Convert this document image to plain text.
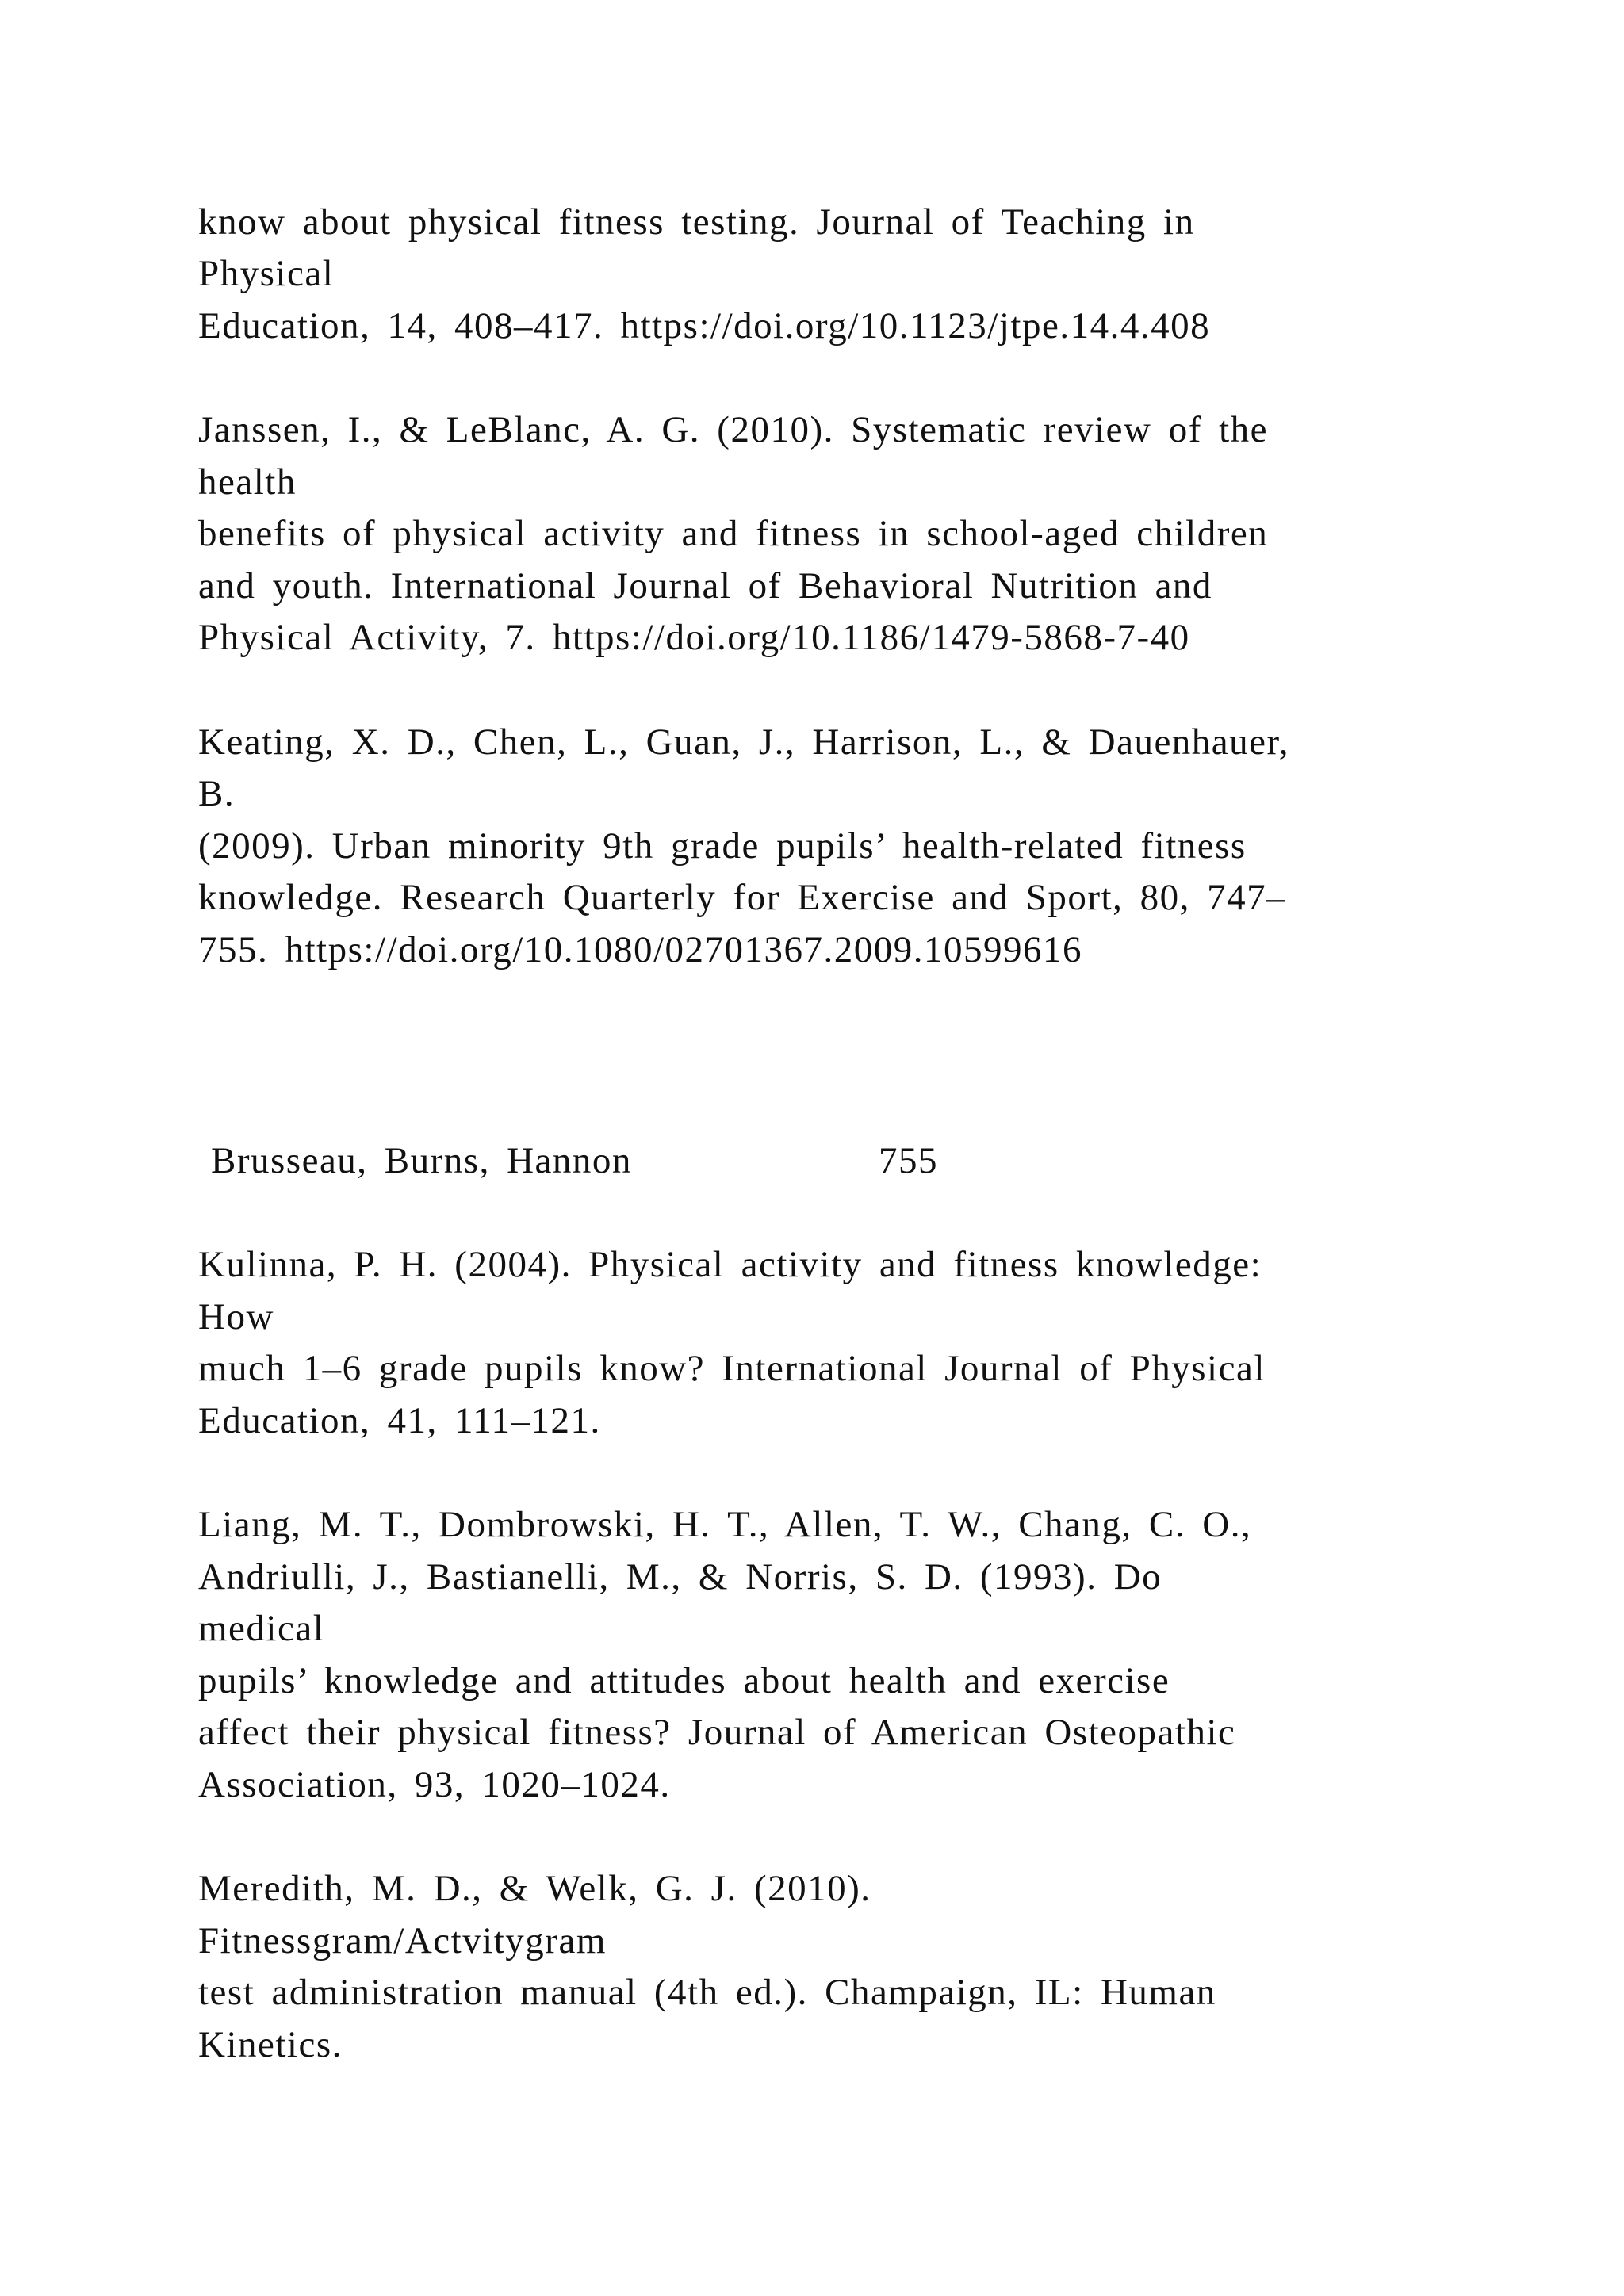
know about physical fitness testing. Journal of Teaching in
Physical
Education, 14, 408–417. https://doi.org/10.1123/jtpe.14.4.408
Janssen, I., & LeBlanc, A. G. (2010). Systematic review of the
health
benefits of physical activity and fitness in school-aged children
and youth. International Journal of Behavioral Nutrition and
Physical Activity, 7. https://doi.org/10.1186/1479-5868-7-40
Keating, X. D., Chen, L., Guan, J., Harrison, L., & Dauenhauer,
B.
(2009). Urban minority 9th grade pupils’ health-related fitness
knowledge. Research Quarterly for Exercise and Sport, 80, 747–
755. https://doi.org/10.1080/02701367.2009.10599616
Brusseau, Burns, Hannon	755
Kulinna, P. H. (2004). Physical activity and fitness knowledge:
How
much 1–6 grade pupils know? International Journal of Physical
Education, 41, 111–121.
Liang, M. T., Dombrowski, H. T., Allen, T. W., Chang, C. O.,
Andriulli, J., Bastianelli, M., & Norris, S. D. (1993). Do
medical
pupils’ knowledge and attitudes about health and exercise
affect their physical fitness? Journal of American Osteopathic
Association, 93, 1020–1024.
Meredith, M. D., & Welk, G. J. (2010).
Fitnessgram/Actvitygram
test administration manual (4th ed.). Champaign, IL: Human
Kinetics.
